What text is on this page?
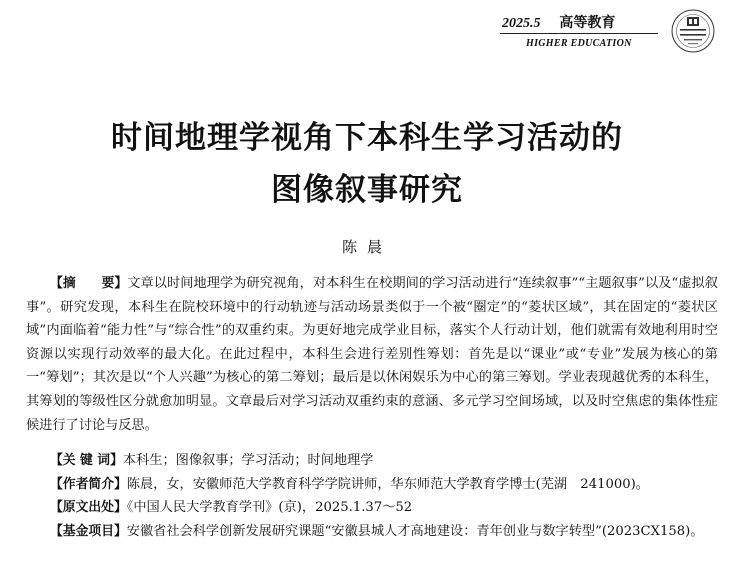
2025.5 高等教育
HIGHER EDUCATION
时间地理学视角下本科生学习活动的
图像叙事研究
陈晨

【摘　　要】文章以时间地理学为研究视角，对本科生在校期间的学习活动进行“连续叙事”“主题叙事”以及“虚拟叙事”。研究发现，本科生在院校环境中的行动轨迹与活动场景类似于一个被“圈定”的“菱状区域”，其在固定的“菱状区域”内面临着“能力性”与“综合性”的双重约束。为更好地完成学业目标，落实个人行动计划，他们就需有效地利用时空资源以实现行动效率的最大化。在此过程中，本科生会进行差别性筹划：首先是以“课业”或“专业”发展为核心的第一“筹划”；其次是以“个人兴趣”为核心的第二筹划；最后是以休闲娱乐为中心的第三筹划。学业表现越优秀的本科生，其筹划的等级性区分就愈加明显。文章最后对学习活动双重约束的意涵、多元学习空间场域，以及时空焦虑的集体性症候进行了讨论与反思。

【关 键 词】本科生；图像叙事；学习活动；时间地理学
【作者简介】陈晨，女，安徽师范大学教育科学学院讲师，华东师范大学教育学博士(芜湖　241000)。
【原文出处】《中国人民大学教育学刊》(京)，2025.1.37～52
【基金项目】安徽省社会科学创新发展研究课题“安徽县城人才高地建设：青年创业与数字转型”(2023CX158)。
